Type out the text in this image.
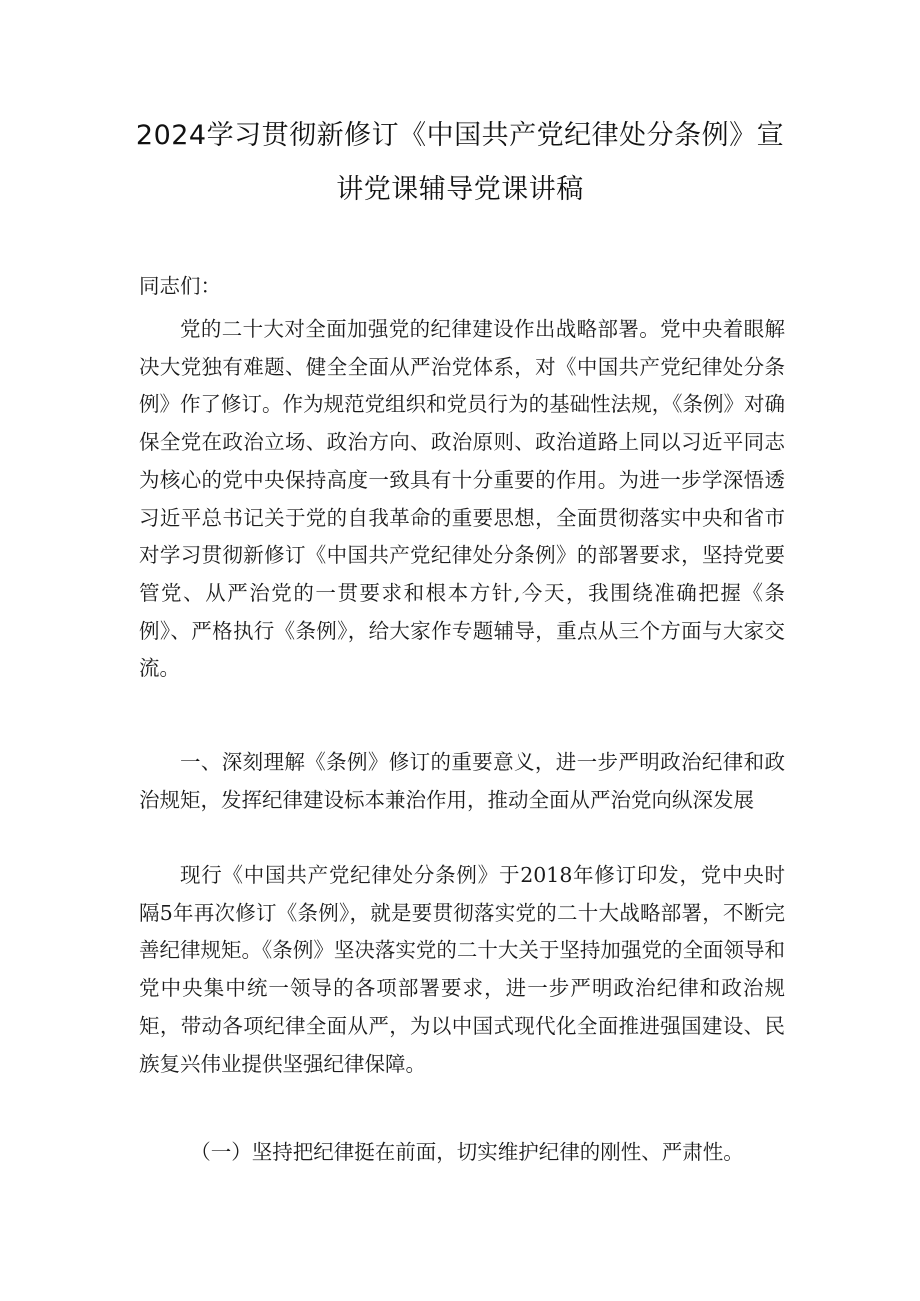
2024学习贯彻新修订《中国共产党纪律处分条例》宣
讲党课辅导党课讲稿
同志们：

党的二十大对全面加强党的纪律建设作出战略部署。党中央着眼解决大党独有难题、健全全面从严治党体系，对《中国共产党纪律处分条例》作了修订。作为规范党组织和党员行为的基础性法规，《条例》对确保全党在政治立场、政治方向、政治原则、政治道路上同以习近平同志为核心的党中央保持高度一致具有十分重要的作用。为进一步学深悟透习近平总书记关于党的自我革命的重要思想，全面贯彻落实中央和省市对学习贯彻新修订《中国共产党纪律处分条例》的部署要求，坚持党要管党、从严治党的一贯要求和根本方针,今天，我围绕准确把握《条例》、严格执行《条例》，给大家作专题辅导，重点从三个方面与大家交流。

一、深刻理解《条例》修订的重要意义，进一步严明政治纪律和政治规矩，发挥纪律建设标本兼治作用，推动全面从严治党向纵深发展

现行《中国共产党纪律处分条例》于2018年修订印发，党中央时隔5年再次修订《条例》，就是要贯彻落实党的二十大战略部署，不断完善纪律规矩。《条例》坚决落实党的二十大关于坚持加强党的全面领导和党中央集中统一领导的各项部署要求，进一步严明政治纪律和政治规矩，带动各项纪律全面从严，为以中国式现代化全面推进强国建设、民族复兴伟业提供坚强纪律保障。

（一）坚持把纪律挺在前面，切实维护纪律的刚性、严肃性。
